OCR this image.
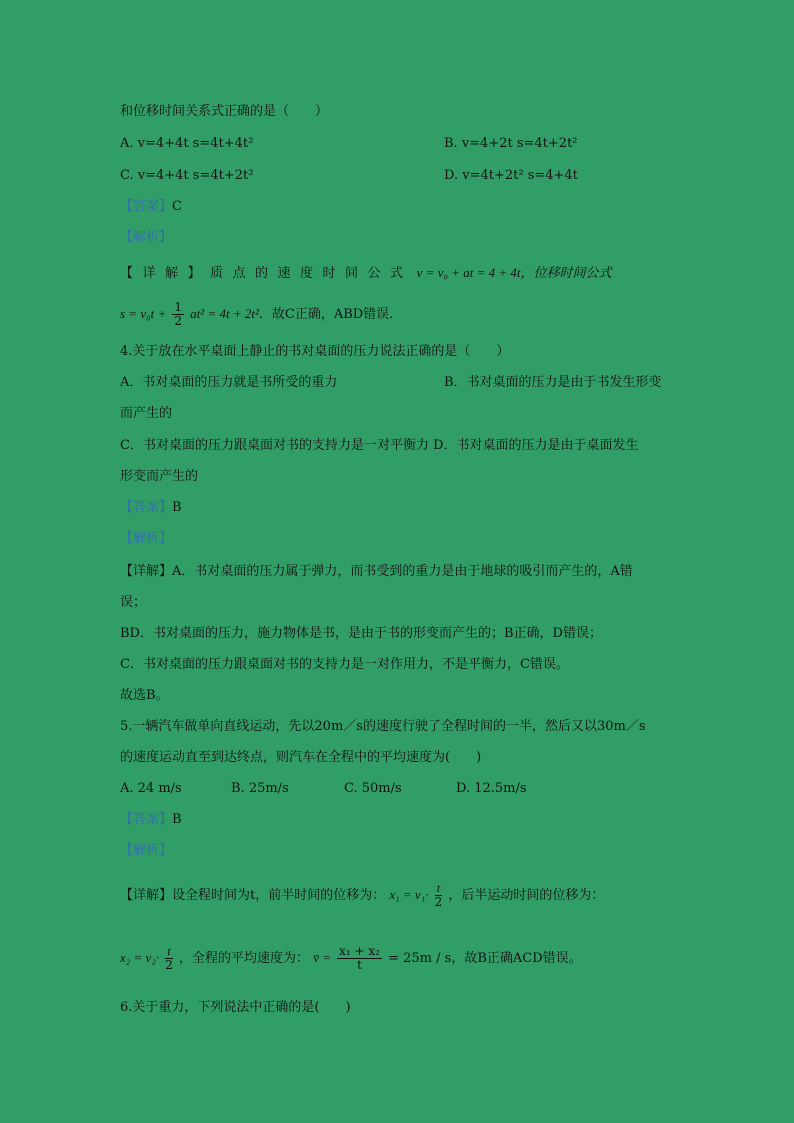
和位移时间关系式正确的是（　　）
A. v=4+4t s=4t+4t²	B. v=4+2t s=4t+2t²
C. v=4+4t s=4t+2t²	D. v=4t+2t² s=4+4t
【答案】C
【解析】
【详解】质点的速度时间公式 v = v₀ + at = 4 + 4t，位移时间公式
$s = v_0t + \frac{1}{2} at^2 = 4t + 2t^2$．故C正确，ABD错误．
4.关于放在水平桌面上静止的书对桌面的压力说法正确的是（　　）
A．书对桌面的压力就是书所受的重力	B．书对桌面的压力是由于书发生形变
而产生的
C．书对桌面的压力跟桌面对书的支持力是一对平衡力 D．书对桌面的压力是由于桌面发生
形变而产生的
【答案】B
【解析】
【详解】A．书对桌面的压力属于弹力，而书受到的重力是由于地球的吸引而产生的，A错
误；
BD．书对桌面的压力，施力物体是书，是由于书的形变而产生的；B正确，D错误；
C．书对桌面的压力跟桌面对书的支持力是一对作用力，不是平衡力，C错误。
故选B。
5.一辆汽车做单向直线运动，先以20m／s的速度行驶了全程时间的一半，然后又以30m／s
的速度运动直至到达终点，则汽车在全程中的平均速度为(　　)
A. 24 m/s	B. 25m/s	C. 50m/s	D. 12.5m/s
【答案】B
【解析】
【详解】设全程时间为t，前半时间的位移为： $x_1 = v_1\cdot \frac{t}{2}$ ，后半运动时间的位移为：
$x_2 = v_2\cdot \frac{t}{2}$ ，全程的平均速度为： v̄ = $\frac{\text{x₁ + x₂}}{t} = 25m / s$，故B正确ACD错误。
6.关于重力，下列说法中正确的是(　　)
